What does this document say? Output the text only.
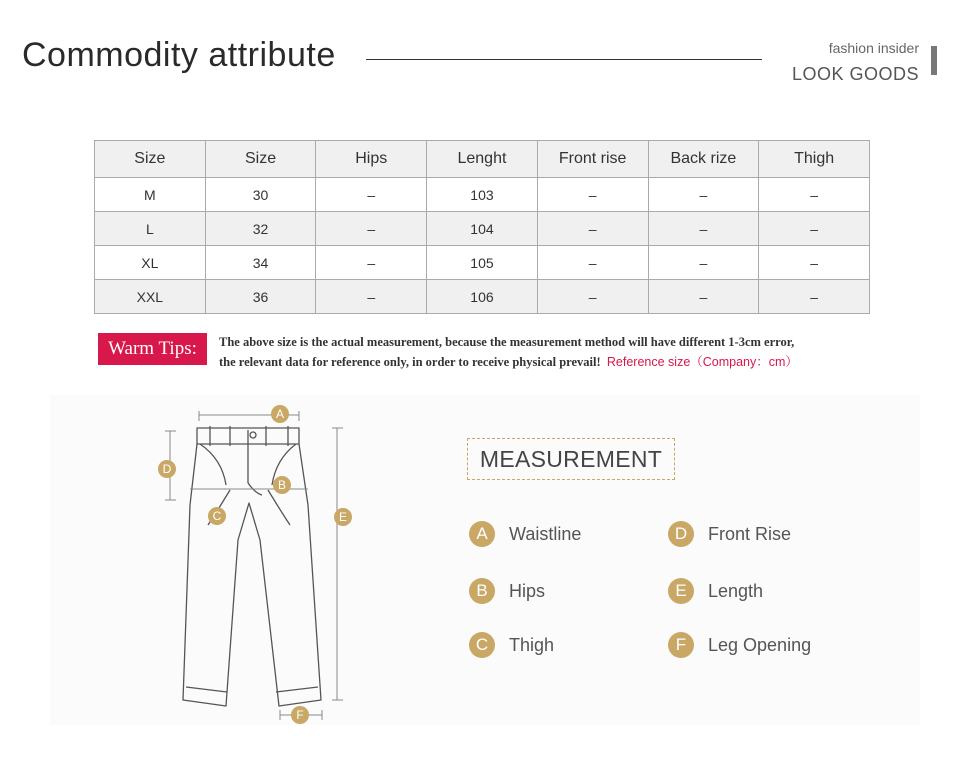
Commodity attribute	fashion insider
LOOK GOODS
Size	Size	Hips	Lenght	Front rise	Back rize	Thigh
M	30	–	103	–	–	–
L	32	–	104	–	–	–
XL	34	–	105	–	–	–
XXL	36	–	106	–	–	–
Warm Tips:	The above size is the actual measurement, because the measurement method will have different 1-3cm error,
the relevant data for reference only, in order to receive physical prevail! Reference size（Company：cm）
A
B
C
D
E
F
MEASUREMENT
A	Waistline
B	Hips
C	Thigh
D	Front Rise
E	Length
F	Leg Opening
